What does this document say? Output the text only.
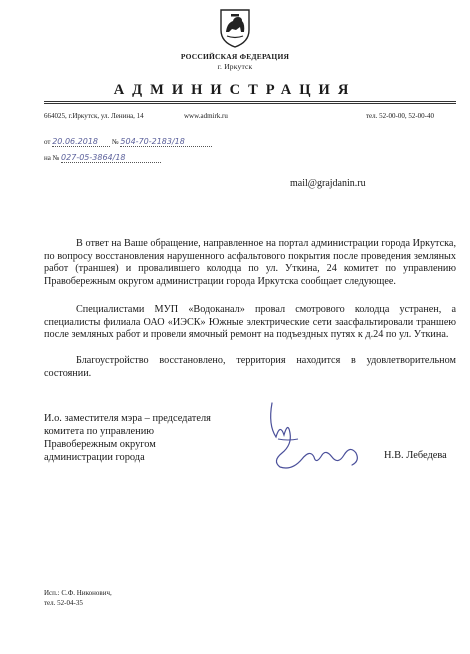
РОССИЙСКАЯ ФЕДЕРАЦИЯ
г. Иркутск
АДМИНИСТРАЦИЯ
664025, г.Иркутск, ул. Ленина, 14	www.admirk.ru	тел. 52-00-00, 52-00-40
от 20.06.2018 № 504-70-2183/18
на № 027-05-3864/18
mail@grajdanin.ru
В ответ на Ваше обращение, направленное на портал администрации города Иркутска, по вопросу восстановления нарушенного асфальтового покрытия после проведения земляных работ (траншея) и провалившего колодца по ул. Уткина, 24 комитет по управлению Правобережным округом администрации города Иркутска сообщает следующее.
Специалистами МУП «Водоканал» провал смотрового колодца устранен, а специалисты филиала ОАО «ИЭСК» Южные электрические сети заасфальтировали траншею после земляных работ и провели ямочный ремонт на подъездных путях к д.24 по ул. Уткина.
Благоустройство восстановлено, территория находится в удовлетворительном состоянии.
И.о. заместителя мэра – председателя
комитета по управлению
Правобережным округом
администрации города	Н.В. Лебедева
Исп.: С.Ф. Никонович,
тел. 52-04-35
